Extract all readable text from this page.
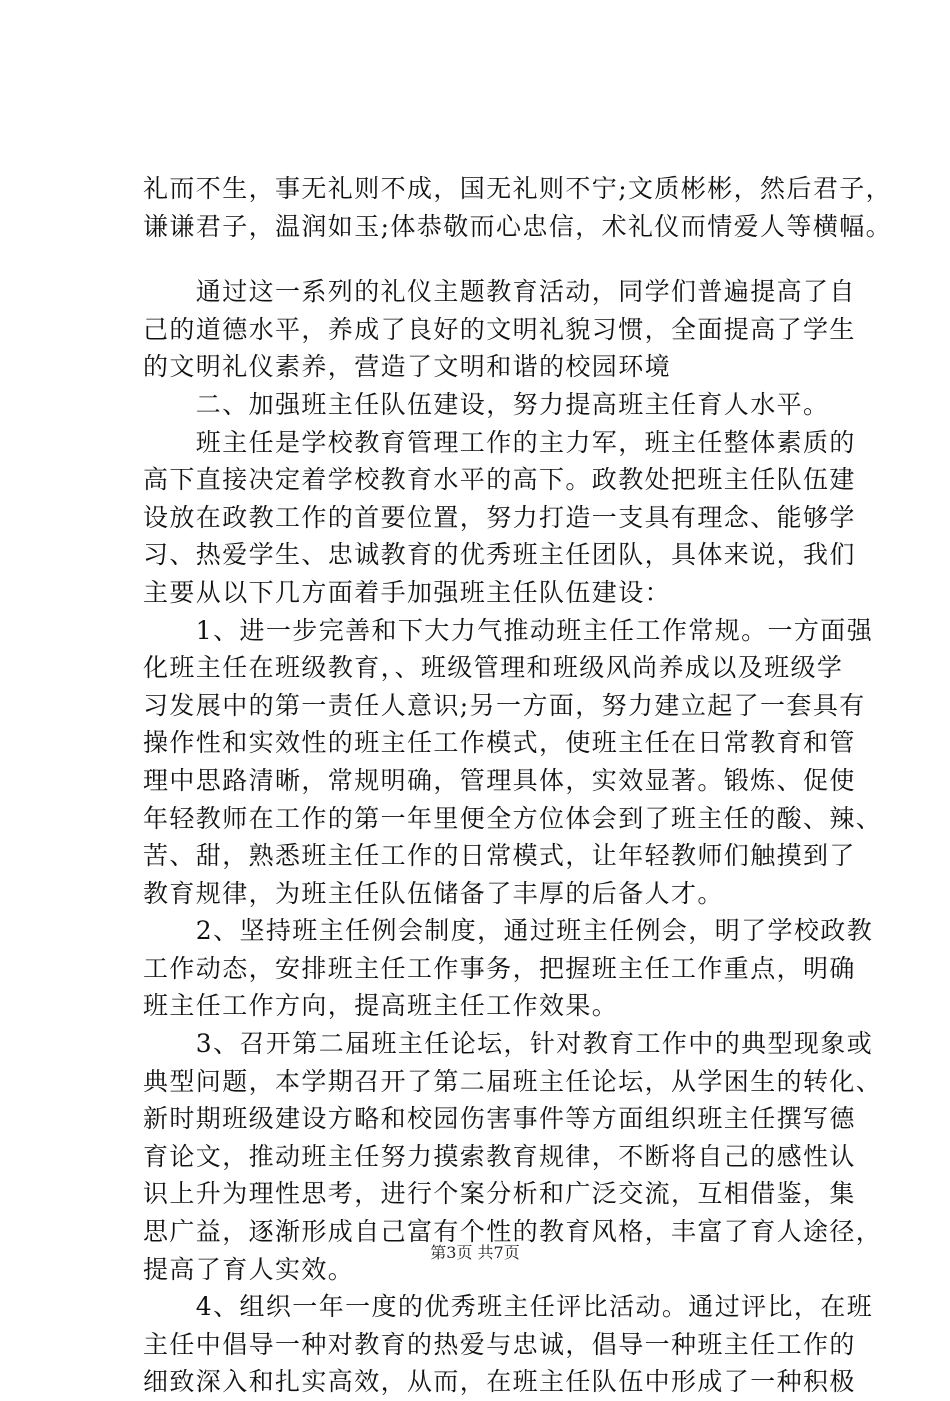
礼而不生，事无礼则不成，国无礼则不宁;文质彬彬，然后君子，
谦谦君子，温润如玉;体恭敬而心忠信，术礼仪而情爱人等横幅。
　　通过这一系列的礼仪主题教育活动，同学们普遍提高了自
己的道德水平，养成了良好的文明礼貌习惯，全面提高了学生
的文明礼仪素养，营造了文明和谐的校园环境
　　二、加强班主任队伍建设，努力提高班主任育人水平。
　　班主任是学校教育管理工作的主力军，班主任整体素质的
高下直接决定着学校教育水平的高下。政教处把班主任队伍建
设放在政教工作的首要位置，努力打造一支具有理念、能够学
习、热爱学生、忠诚教育的优秀班主任团队，具体来说，我们
主要从以下几方面着手加强班主任队伍建设：
　　1、进一步完善和下大力气推动班主任工作常规。一方面强
化班主任在班级教育，、班级管理和班级风尚养成以及班级学
习发展中的第一责任人意识;另一方面，努力建立起了一套具有
操作性和实效性的班主任工作模式，使班主任在日常教育和管
理中思路清晰，常规明确，管理具体，实效显著。锻炼、促使
年轻教师在工作的第一年里便全方位体会到了班主任的酸、辣、
苦、甜，熟悉班主任工作的日常模式，让年轻教师们触摸到了
教育规律，为班主任队伍储备了丰厚的后备人才。
　　2、坚持班主任例会制度，通过班主任例会，明了学校政教
工作动态，安排班主任工作事务，把握班主任工作重点，明确
班主任工作方向，提高班主任工作效果。
　　3、召开第二届班主任论坛，针对教育工作中的典型现象或
典型问题，本学期召开了第二届班主任论坛，从学困生的转化、
新时期班级建设方略和校园伤害事件等方面组织班主任撰写德
育论文，推动班主任努力摸索教育规律，不断将自己的感性认
识上升为理性思考，进行个案分析和广泛交流，互相借鉴，集
思广益，逐渐形成自己富有个性的教育风格，丰富了育人途径，
提高了育人实效。
　　4、组织一年一度的优秀班主任评比活动。通过评比，在班
主任中倡导一种对教育的热爱与忠诚，倡导一种班主任工作的
细致深入和扎实高效，从而，在班主任队伍中形成了一种积极
第3页 共7页
